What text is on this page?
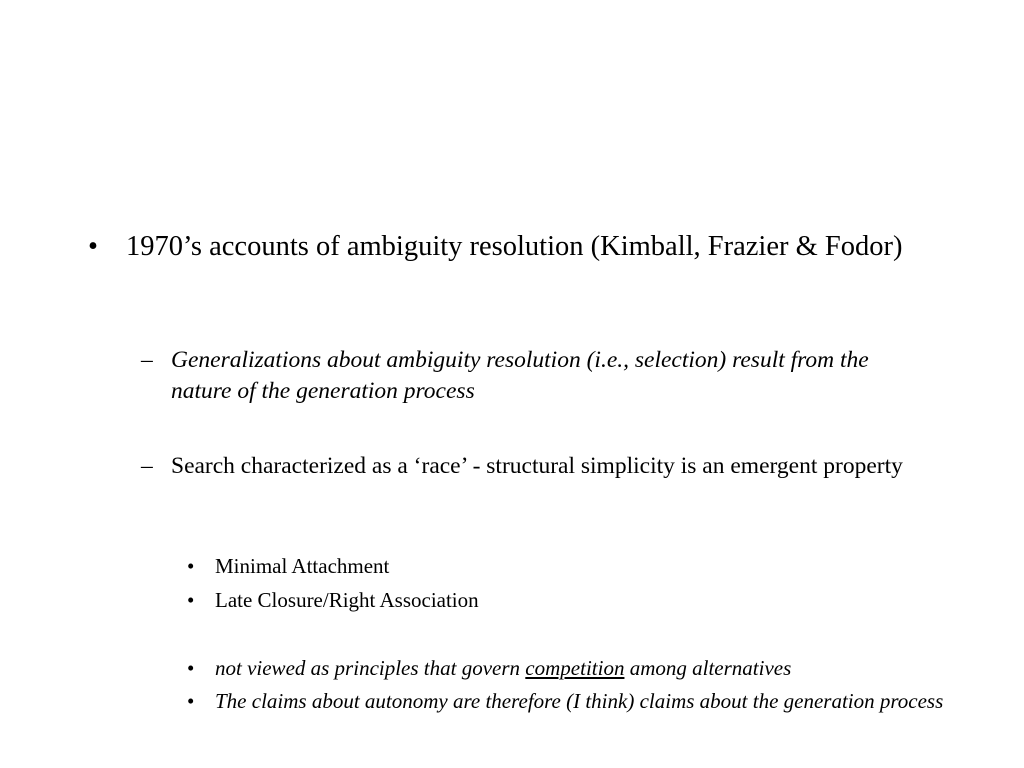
• 1970’s accounts of ambiguity resolution (Kimball, Frazier & Fodor)
– Generalizations about ambiguity resolution (i.e., selection) result from the nature of the generation process
– Search characterized as a ‘race’ - structural simplicity is an emergent property
• Minimal Attachment
• Late Closure/Right Association
• not viewed as principles that govern competition among alternatives
• The claims about autonomy are therefore (I think) claims about the generation process
